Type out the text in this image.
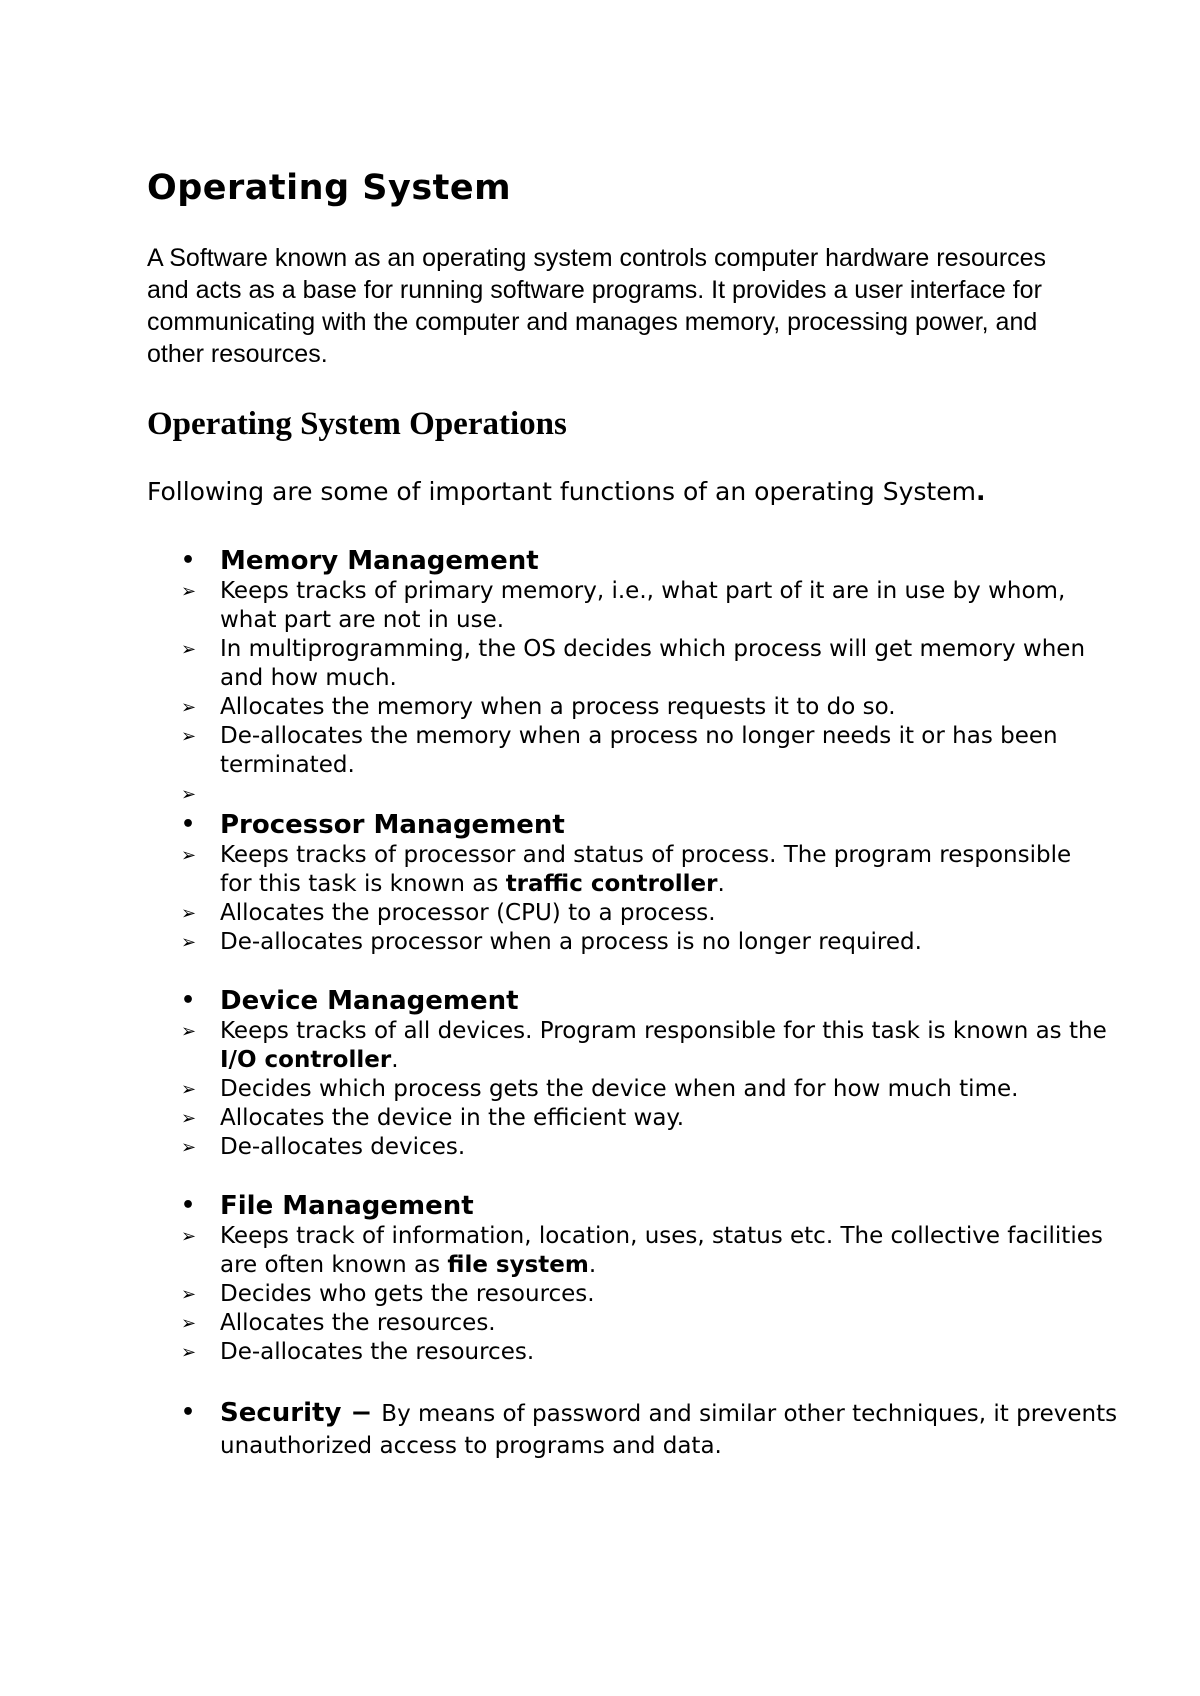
Operating System

A Software known as an operating system controls computer hardware resources and acts as a base for running software programs. It provides a user interface for communicating with the computer and manages memory, processing power, and other resources.

Operating System Operations

Following are some of important functions of an operating System.

• Memory Management
➢ Keeps tracks of primary memory, i.e., what part of it are in use by whom, what part are not in use.
➢ In multiprogramming, the OS decides which process will get memory when and how much.
➢ Allocates the memory when a process requests it to do so.
➢ De-allocates the memory when a process no longer needs it or has been terminated.
➢

• Processor Management
➢ Keeps tracks of processor and status of process. The program responsible for this task is known as traffic controller.
➢ Allocates the processor (CPU) to a process.
➢ De-allocates processor when a process is no longer required.
• Device Management
➢ Keeps tracks of all devices. Program responsible for this task is known as the I/O controller.
➢ Decides which process gets the device when and for how much time.
➢ Allocates the device in the efficient way.
➢ De-allocates devices.
• File Management
➢ Keeps track of information, location, uses, status etc. The collective facilities are often known as file system.
➢ Decides who gets the resources.
➢ Allocates the resources.
➢ De-allocates the resources.
• Security − By means of password and similar other techniques, it prevents unauthorized access to programs and data.
